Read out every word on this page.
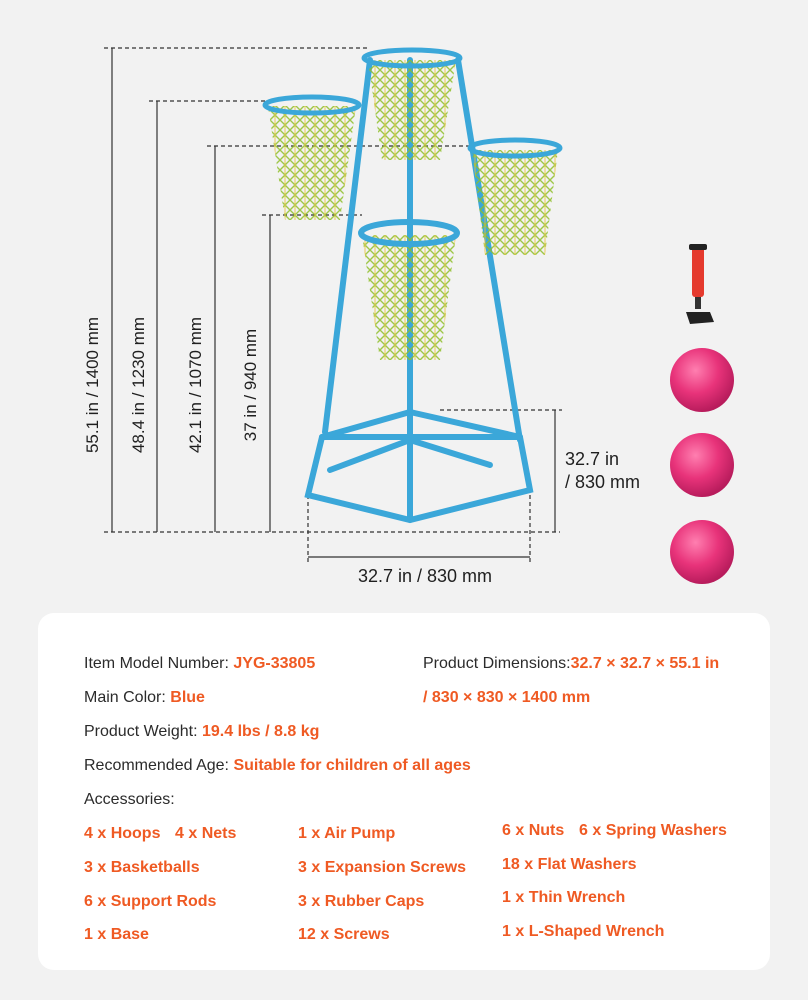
55.1 in / 1400 mm 48.4 in / 1230 mm 42.1 in / 1070 mm 37 in / 940 mm
32.7 in
/ 830 mm
32.7 in / 830 mm
Item Model Number: JYG-33805	Product Dimensions:32.7 × 32.7 × 55.1 in
/ 830 × 830 × 1400 mm
Main Color: Blue
Product Weight: 19.4 lbs / 8.8 kg
Recommended Age: Suitable for children of all ages
Accessories:
4 x Hoops 4 x Nets
3 x Basketballs
6 x Support Rods
1 x Base
1 x Air Pump
3 x Expansion Screws
3 x Rubber Caps
12 x Screws
6 x Nuts 6 x Spring Washers
18 x Flat Washers
1 x Thin Wrench
1 x L-Shaped Wrench
